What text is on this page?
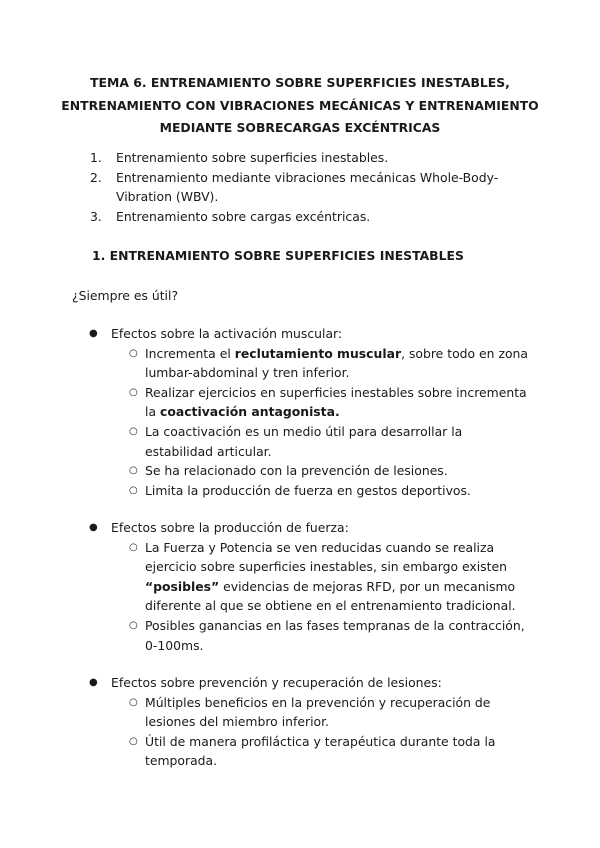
TEMA 6. ENTRENAMIENTO SOBRE SUPERFICIES INESTABLES,
ENTRENAMIENTO CON VIBRACIONES MECÁNICAS Y ENTRENAMIENTO
MEDIANTE SOBRECARGAS EXCÉNTRICAS
1.	Entrenamiento sobre superficies inestables.
2.	Entrenamiento mediante vibraciones mecánicas Whole-Body-Vibration (WBV).
3.	Entrenamiento sobre cargas excéntricas.
1. ENTRENAMIENTO SOBRE SUPERFICIES INESTABLES
¿Siempre es útil?
●	Efectos sobre la activación muscular:
○ Incrementa el reclutamiento muscular, sobre todo en zona lumbar-abdominal y tren inferior.
○ Realizar ejercicios en superficies inestables sobre incrementa la coactivación antagonista.
○ La coactivación es un medio útil para desarrollar la estabilidad articular.
○ Se ha relacionado con la prevención de lesiones.
○ Limita la producción de fuerza en gestos deportivos.
●	Efectos sobre la producción de fuerza:
○ La Fuerza y Potencia se ven reducidas cuando se realiza ejercicio sobre superficies inestables, sin embargo existen “posibles” evidencias de mejoras RFD, por un mecanismo diferente al que se obtiene en el entrenamiento tradicional.
○ Posibles ganancias en las fases tempranas de la contracción, 0-100ms.
●	Efectos sobre prevención y recuperación de lesiones:
○ Múltiples beneficios en la prevención y recuperación de lesiones del miembro inferior.
○ Útil de manera profiláctica y terapéutica durante toda la temporada.
